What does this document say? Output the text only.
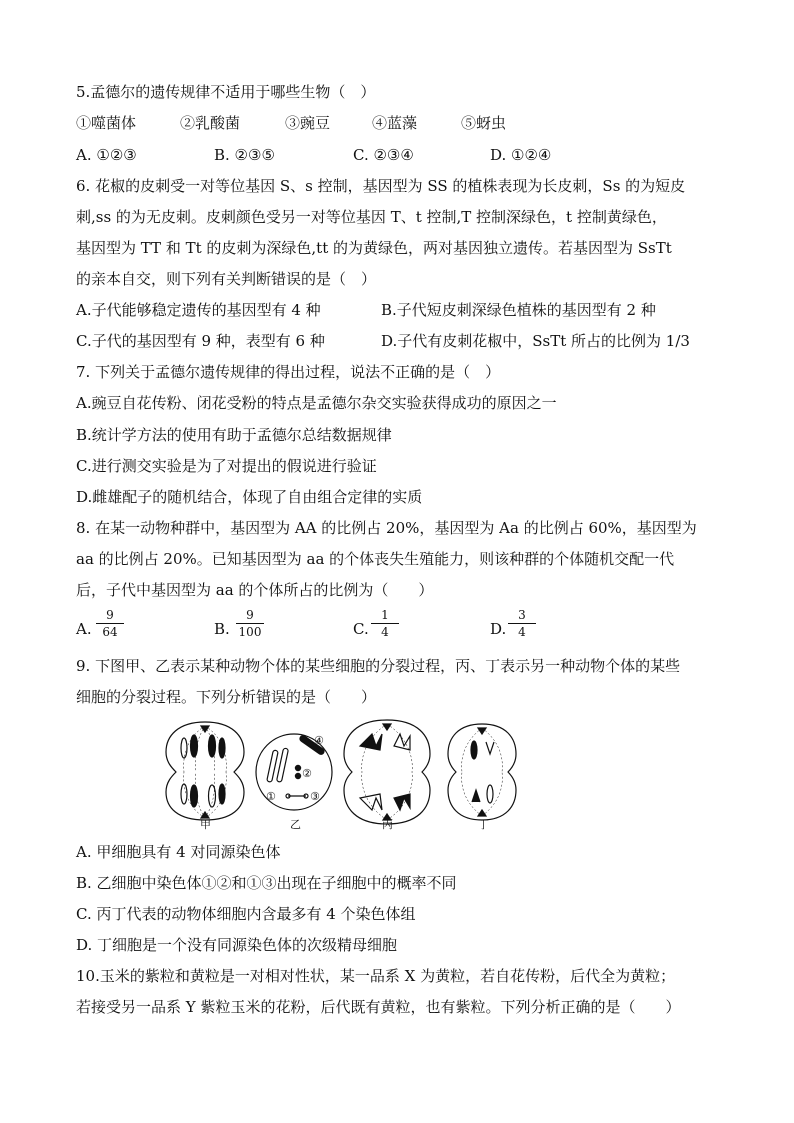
5.孟德尔的遗传规律不适用于哪些生物（　）
①噬菌体	②乳酸菌	③豌豆	④蓝藻	⑤蚜虫
A. ①②③	B. ②③⑤	C. ②③④	D. ①②④
6. 花椒的皮刺受一对等位基因 S、s 控制，基因型为 SS 的植株表现为长皮刺，Ss 的为短皮
刺,ss 的为无皮刺。皮刺颜色受另一对等位基因 T、t 控制,T 控制深绿色，t 控制黄绿色，
基因型为 TT 和 Tt 的皮刺为深绿色,tt 的为黄绿色，两对基因独立遗传。若基因型为 SsTt
的亲本自交，则下列有关判断错误的是（　）
A.子代能够稳定遗传的基因型有 4 种	B.子代短皮刺深绿色植株的基因型有 2 种
C.子代的基因型有 9 种，表型有 6 种	D.子代有皮刺花椒中，SsTt 所占的比例为 1/3
7. 下列关于孟德尔遗传规律的得出过程，说法不正确的是（　）
A.豌豆自花传粉、闭花受粉的特点是孟德尔杂交实验获得成功的原因之一
B.统计学方法的使用有助于孟德尔总结数据规律
C.进行测交实验是为了对提出的假说进行验证
D.雌雄配子的随机结合，体现了自由组合定律的实质
8. 在某一动物种群中，基因型为 AA 的比例占 20%，基因型为 Aa 的比例占 60%，基因型为
aa 的比例占 20%。已知基因型为 aa 的个体丧失生殖能力，则该种群的个体随机交配一代
后，子代中基因型为 aa 的个体所占的比例为（　　）
A. $\frac{9}{64}$	B. $\frac{9}{100}$	C. $\frac{1}{4}$	D. $\frac{3}{4}$
9. 下图甲、乙表示某种动物个体的某些细胞的分裂过程，丙、丁表示另一种动物个体的某些
细胞的分裂过程。下列分析错误的是（　　）
①
②
③
④
甲	乙	丙	丁
A. 甲细胞具有 4 对同源染色体
B. 乙细胞中染色体①②和①③出现在子细胞中的概率不同
C. 丙丁代表的动物体细胞内含最多有 4 个染色体组
D. 丁细胞是一个没有同源染色体的次级精母细胞
10.玉米的紫粒和黄粒是一对相对性状，某一品系 X 为黄粒，若自花传粉，后代全为黄粒；
若接受另一品系 Y 紫粒玉米的花粉，后代既有黄粒，也有紫粒。下列分析正确的是（　　）
